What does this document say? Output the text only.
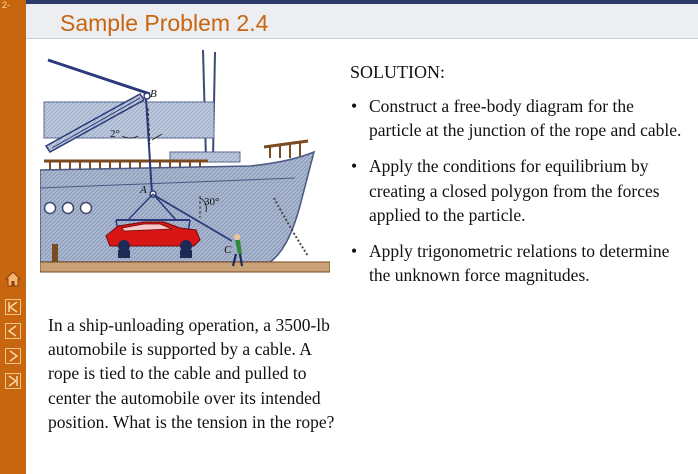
2-
Sample Problem 2.4
B
A
C
2°
30°
In a ship-unloading operation, a 3500-lb automobile is supported by a cable. A rope is tied to the cable and pulled to center the automobile over its intended position. What is the tension in the rope?
SOLUTION:
• Construct a free-body diagram for the particle at the junction of the rope and cable.
• Apply the conditions for equilibrium by creating a closed polygon from the forces applied to the particle.
• Apply trigonometric relations to determine the unknown force magnitudes.
